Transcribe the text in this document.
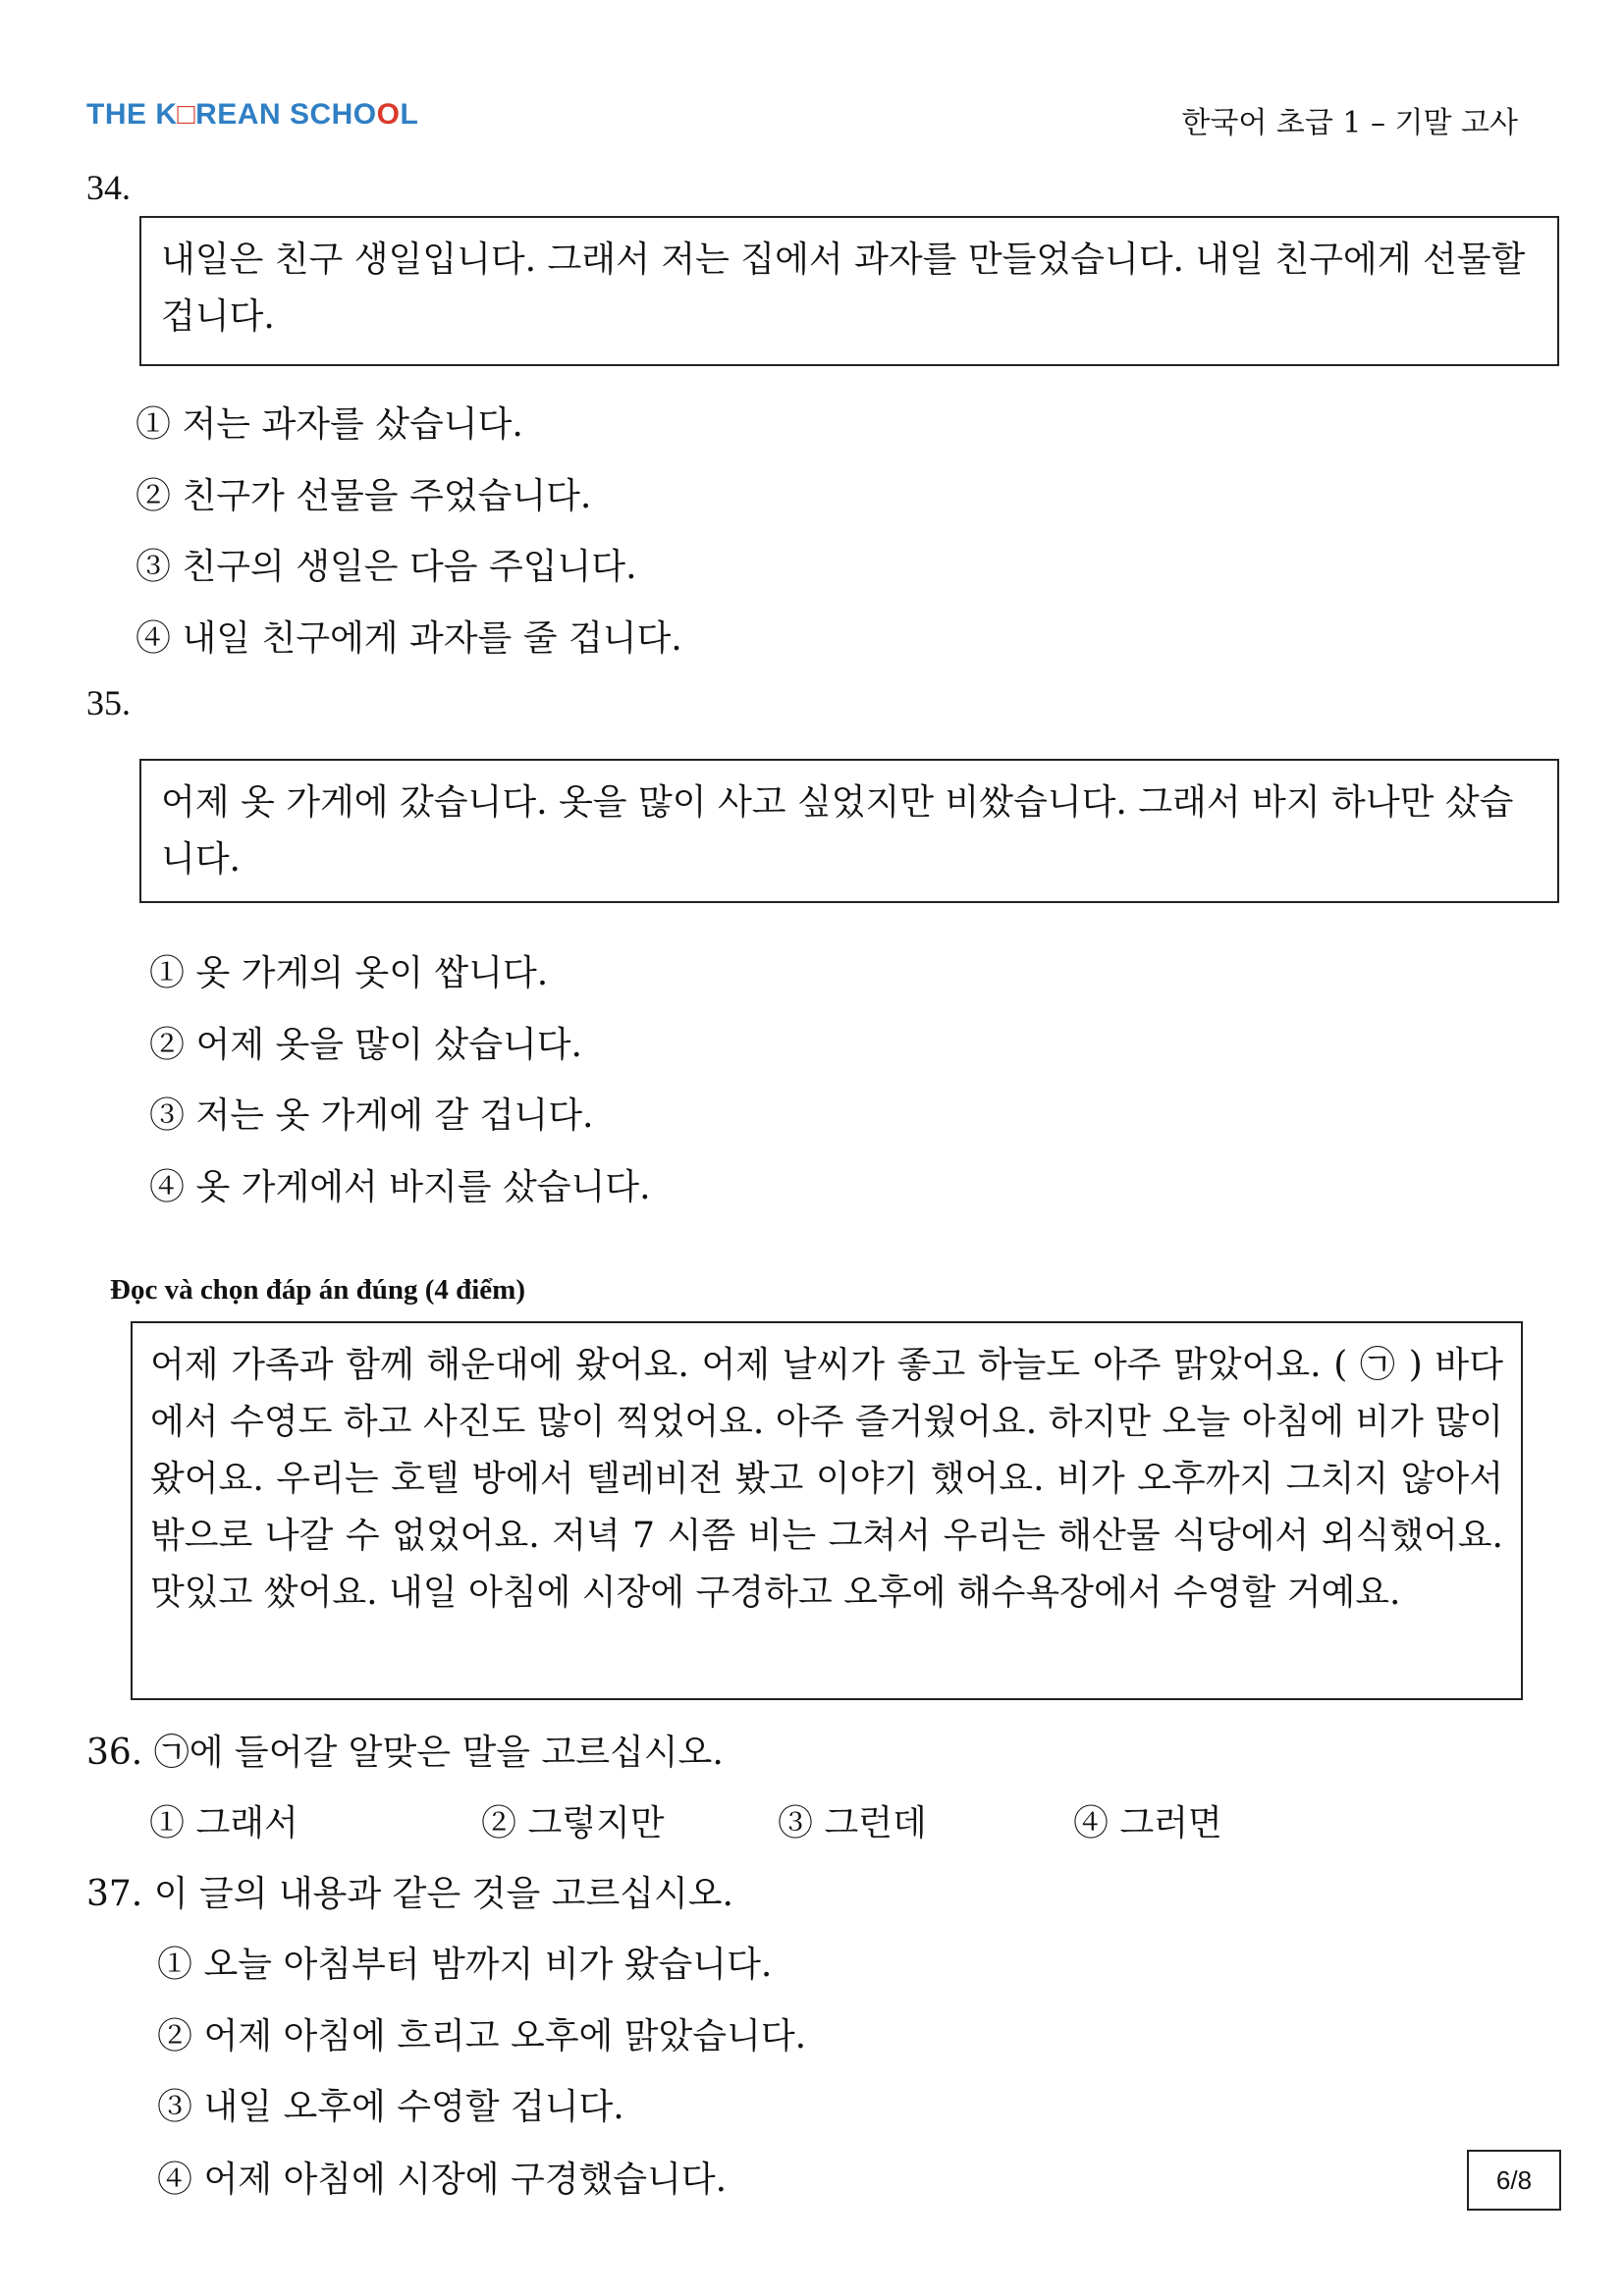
THE K□REAN SCHOOL	한국어 초급 1 – 기말 고사
34.
내일은 친구 생일입니다. 그래서 저는 집에서 과자를 만들었습니다. 내일 친구에게 선물할 겁니다.
① 저는 과자를 샀습니다.
② 친구가 선물을 주었습니다.
③ 친구의 생일은 다음 주입니다.
④ 내일 친구에게 과자를 줄 겁니다.
35.
어제 옷 가게에 갔습니다. 옷을 많이 사고 싶었지만 비쌌습니다. 그래서 바지 하나만 샀습니다.
① 옷 가게의 옷이 쌉니다.
② 어제 옷을 많이 샀습니다.
③ 저는 옷 가게에 갈 겁니다.
④ 옷 가게에서 바지를 샀습니다.
Đọc và chọn đáp án đúng (4 điểm)
어제 가족과 함께 해운대에 왔어요. 어제 날씨가 좋고 하늘도 아주 맑았어요. ( ㉠ ) 바다에서 수영도 하고 사진도 많이 찍었어요. 아주 즐거웠어요. 하지만 오늘 아침에 비가 많이 왔어요. 우리는 호텔 방에서 텔레비전 봤고 이야기 했어요. 비가 오후까지 그치지 않아서 밖으로 나갈 수 없었어요. 저녁 7 시쯤 비는 그쳐서 우리는 해산물 식당에서 외식했어요. 맛있고 쌌어요. 내일 아침에 시장에 구경하고 오후에 해수욕장에서 수영할 거예요.
36. ㉠에 들어갈 알맞은 말을 고르십시오.
① 그래서	② 그렇지만	③ 그런데	④ 그러면
37. 이 글의 내용과 같은 것을 고르십시오.
① 오늘 아침부터 밤까지 비가 왔습니다.
② 어제 아침에 흐리고 오후에 맑았습니다.
③ 내일 오후에 수영할 겁니다.
④ 어제 아침에 시장에 구경했습니다.	6/8
